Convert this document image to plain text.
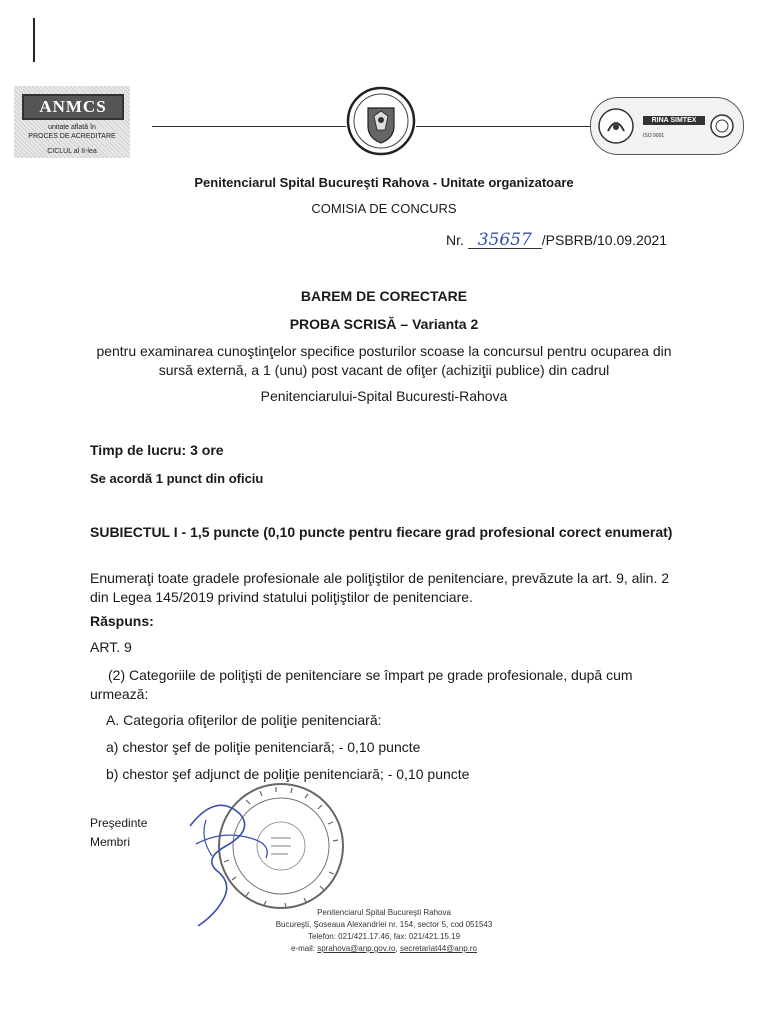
ANMCS
unitate aflată în
PROCES DE ACREDITARE
CICLUL al II-lea
RINA SIMTEX
ISO 9001
Penitenciarul Spital Bucureşti Rahova - Unitate organizatoare
COMISIA DE CONCURS
Nr. 35657 /PSBRB/10.09.2021
BAREM DE CORECTARE
PROBA SCRISĂ – Varianta 2
pentru examinarea cunoştinţelor specifice posturilor scoase la concursul pentru ocuparea din sursă externă, a 1 (unu) post vacant de ofiţer (achiziţii publice) din cadrul
Penitenciarului-Spital Bucuresti-Rahova
Timp de lucru: 3 ore
Se acordă 1 punct din oficiu
SUBIECTUL I - 1,5 puncte (0,10 puncte pentru fiecare grad profesional corect enumerat)
Enumeraţi toate gradele profesionale ale poliţiştilor de penitenciare, prevăzute la art. 9, alin. 2 din Legea 145/2019 privind statului poliţiştilor de penitenciare.
Răspuns:
ART. 9
(2) Categoriile de poliţişti de penitenciare se împart pe grade profesionale, după cum urmează:
A. Categoria ofiţerilor de poliţie penitenciară:
a) chestor şef de poliţie penitenciară; - 0,10 puncte
b) chestor şef adjunct de poliţie penitenciară; - 0,10 puncte
Preşedinte
Membri
Penitenciarul Spital Bucureşti Rahova
Bucureşti, Şoseaua Alexandriei nr. 154, sector 5, cod 051543
Telefon: 021/421.17.46, fax: 021/421.15.19
e-mail: sprahova@anp.gov.ro, secretariat44@anp.ro
